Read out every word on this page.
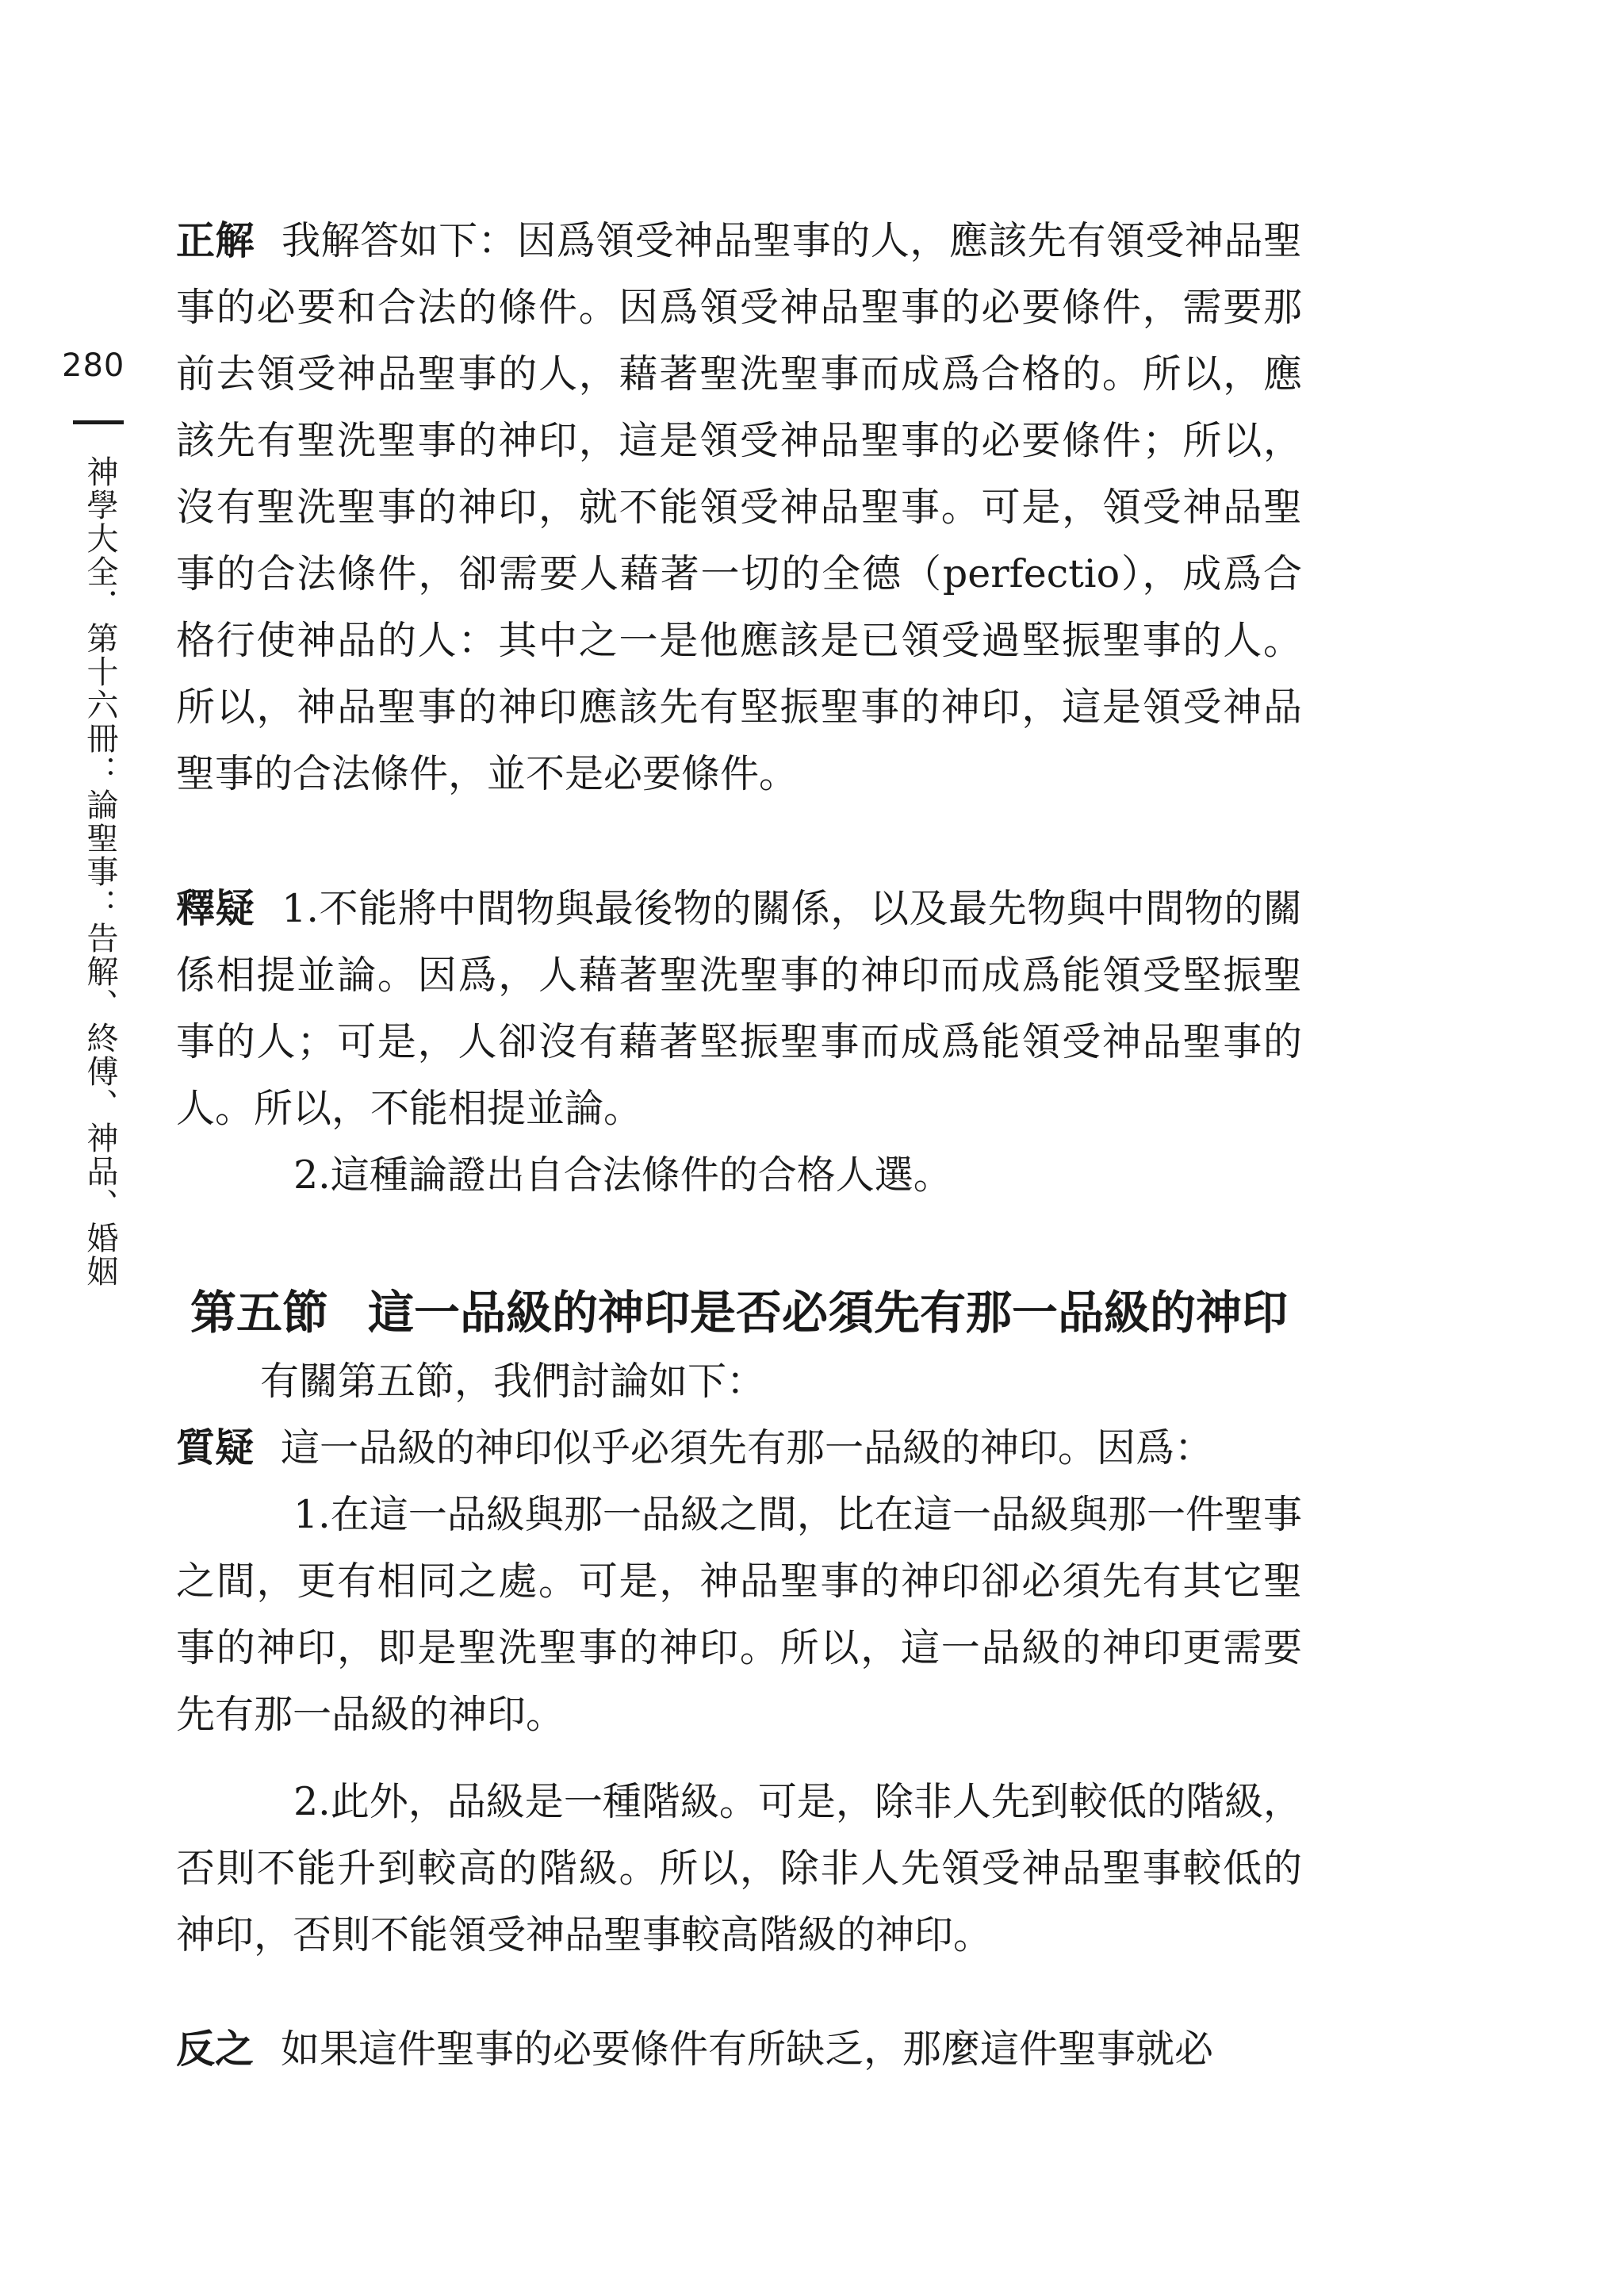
280
神學大全．第十六冊：論聖事：告解、終傅、神品、婚姻

正解 我解答如下：因爲領受神品聖事的人，應該先有領受神品聖事的必要和合法的條件。因爲領受神品聖事的必要條件，需要那前去領受神品聖事的人，藉著聖洗聖事而成爲合格的。所以，應該先有聖洗聖事的神印，這是領受神品聖事的必要條件；所以，沒有聖洗聖事的神印，就不能領受神品聖事。可是，領受神品聖事的合法條件，卻需要人藉著一切的全德（perfectio），成爲合格行使神品的人：其中之一是他應該是已領受過堅振聖事的人。所以，神品聖事的神印應該先有堅振聖事的神印，這是領受神品聖事的合法條件，並不是必要條件。

釋疑 1.不能將中間物與最後物的關係，以及最先物與中間物的關係相提並論。因爲，人藉著聖洗聖事的神印而成爲能領受堅振聖事的人；可是，人卻沒有藉著堅振聖事而成爲能領受神品聖事的人。所以，不能相提並論。

2.這種論證出自合法條件的合格人選。

第五節 這一品級的神印是否必須先有那一品級的神印

有關第五節，我們討論如下：

質疑 這一品級的神印似乎必須先有那一品級的神印。因爲：

1.在這一品級與那一品級之間，比在這一品級與那一件聖事之間，更有相同之處。可是，神品聖事的神印卻必須先有其它聖事的神印，即是聖洗聖事的神印。所以，這一品級的神印更需要先有那一品級的神印。

2.此外，品級是一種階級。可是，除非人先到較低的階級，否則不能升到較高的階級。所以，除非人先領受神品聖事較低的神印，否則不能領受神品聖事較高階級的神印。

反之 如果這件聖事的必要條件有所缺乏，那麼這件聖事就必
